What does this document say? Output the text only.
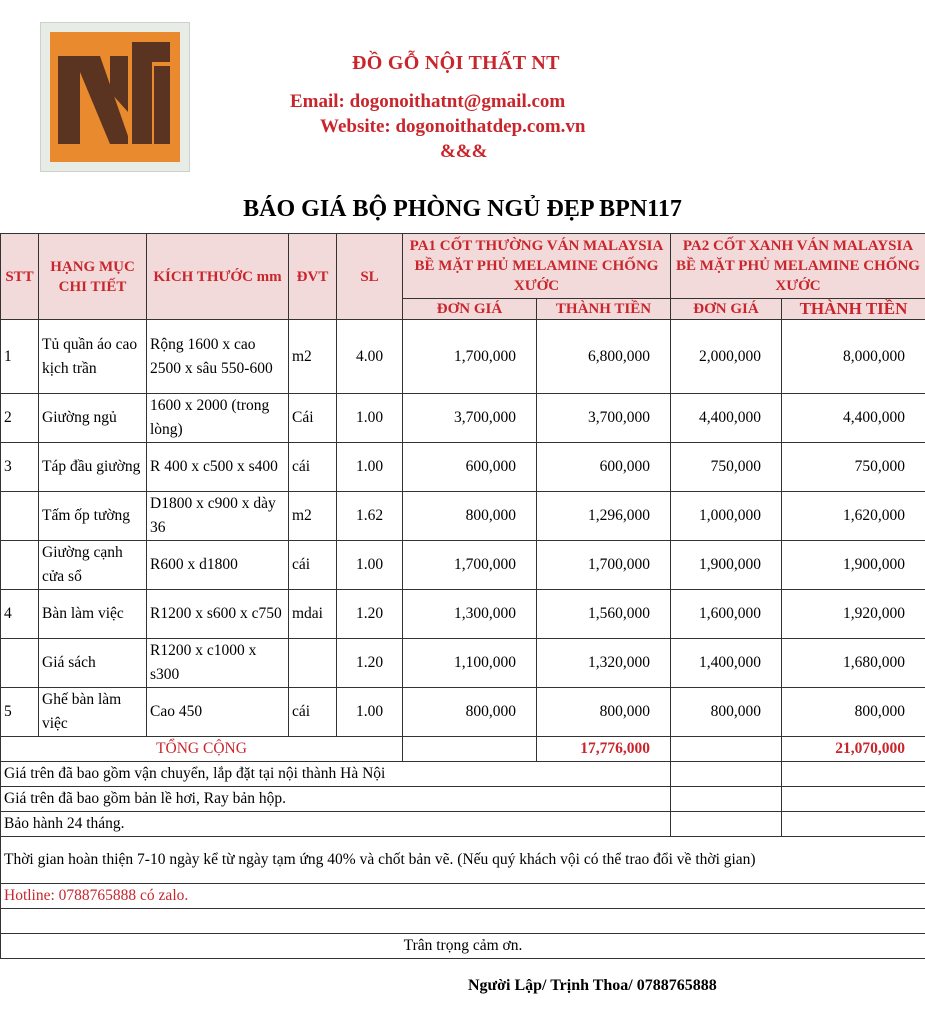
ĐỒ GỖ NỘI THẤT NT
Email: dogonoithatnt@gmail.com
Website: dogonoithatdep.com.vn
&&&
BÁO GIÁ BỘ PHÒNG NGỦ ĐẸP BPN117
STT	HẠNG MỤC CHI TIẾT	KÍCH THƯỚC mm	ĐVT	SL	PA1 CỐT THƯỜNG VÁN MALAYSIA BỀ MẶT PHỦ MELAMINE CHỐNG XƯỚC		PA2 CỐT XANH VÁN MALAYSIA BỀ MẶT PHỦ MELAMINE CHỐNG XƯỚC	
					ĐƠN GIÁ	THÀNH TIỀN	ĐƠN GIÁ	THÀNH TIỀN
1	Tủ quần áo cao kịch trần	Rộng 1600 x cao 2500 x sâu 550-600	m2	4.00	1,700,000	6,800,000	2,000,000	8,000,000
2	Giường ngủ	1600 x 2000 (trong lòng)	Cái	1.00	3,700,000	3,700,000	4,400,000	4,400,000
3	Táp đầu giường	R 400 x c500 x s400	cái	1.00	600,000	600,000	750,000	750,000
	Tấm ốp tường	D1800 x c900 x dày 36	m2	1.62	800,000	1,296,000	1,000,000	1,620,000
	Giường cạnh cửa sổ	R600 x d1800	cái	1.00	1,700,000	1,700,000	1,900,000	1,900,000
4	Bàn làm việc	R1200 x s600 x c750	mdai	1.20	1,300,000	1,560,000	1,600,000	1,920,000
	Giá sách	R1200 x c1000 x s300		1.20	1,100,000	1,320,000	1,400,000	1,680,000
5	Ghế bàn làm việc	Cao 450	cái	1.00	800,000	800,000	800,000	800,000
TỔNG CỘNG						17,776,000		21,070,000
Giá trên đã bao gồm vận chuyển, lắp đặt tại nội thành Hà Nội								
Giá trên đã bao gồm bản lề hơi, Ray bản hộp.								
Bảo hành 24 tháng.								
Thời gian hoàn thiện 7-10 ngày kể từ ngày tạm ứng 40% và chốt bản vẽ. (Nếu quý khách vội có thể trao đổi về thời gian)								
Hotline: 0788765888 có zalo.								

Trân trọng cảm ơn.								
Người Lập/ Trịnh Thoa/ 0788765888
